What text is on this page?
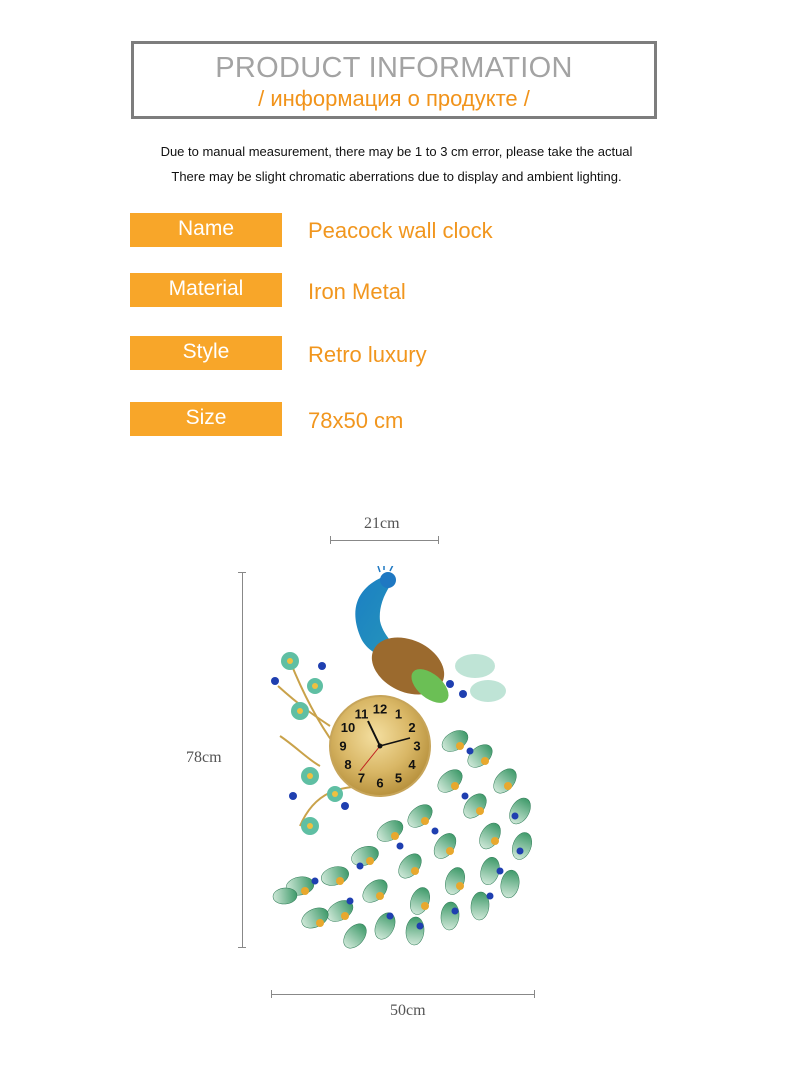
PRODUCT INFORMATION
/ информация о продукте /
Due to manual measurement, there may be 1 to 3 cm error, please take the actual
There may be slight chromatic aberrations due to display and ambient lighting.
Name	Peacock wall clock
Material	Iron Metal
Style	Retro luxury
Size	78x50 cm
21cm
78cm
50cm
12 1
2
3
4
5
6
7
8
9
10
11
